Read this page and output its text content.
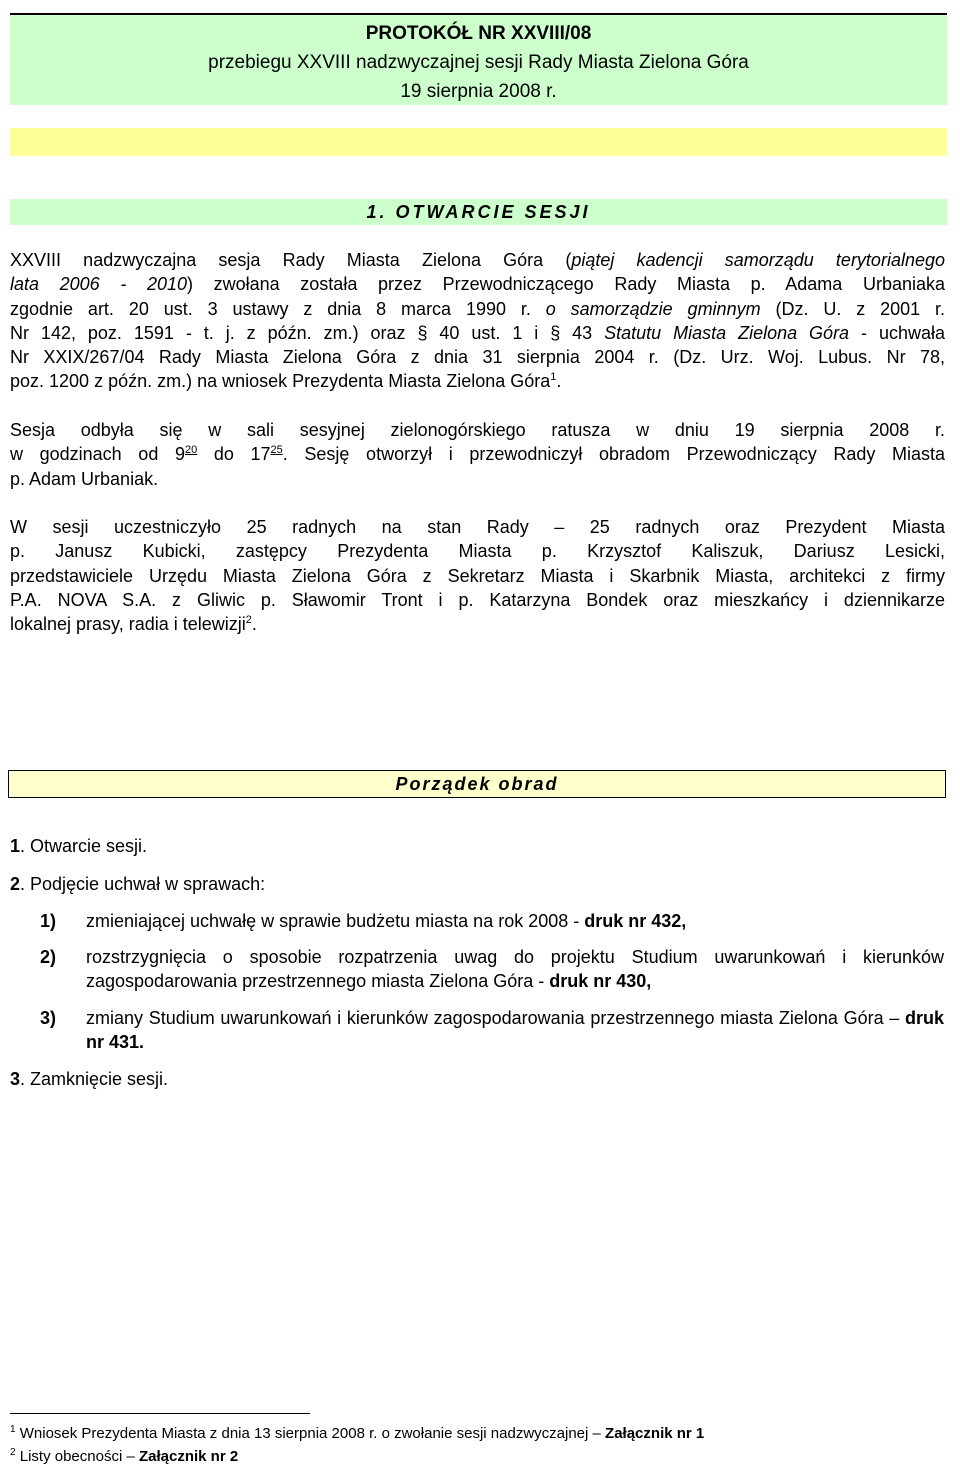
PROTOKÓŁ NR XXVIII/08
przebiegu XXVIII nadzwyczajnej sesji Rady Miasta Zielona Góra
19 sierpnia 2008 r.
1. OTWARCIE SESJI
XXVIII nadzwyczajna sesja Rady Miasta Zielona Góra (piątej kadencji samorządu terytorialnego
lata 2006 - 2010) zwołana została przez Przewodniczącego Rady Miasta p. Adama Urbaniaka
zgodnie art. 20 ust. 3 ustawy z dnia 8 marca 1990 r. o samorządzie gminnym (Dz. U. z 2001 r.
Nr 142, poz. 1591 - t. j. z późn. zm.) oraz § 40 ust. 1 i § 43 Statutu Miasta Zielona Góra - uchwała
Nr XXIX/267/04 Rady Miasta Zielona Góra z dnia 31 sierpnia 2004 r. (Dz. Urz. Woj. Lubus. Nr 78,
poz. 1200 z późn. zm.) na wniosek Prezydenta Miasta Zielona Góra$^1$.
Sesja odbyła się w sali sesyjnej zielonogórskiego ratusza w dniu 19 sierpnia 2008 r.
w godzinach od $9^{20}$ do $17^{25}$. Sesję otworzył i przewodniczył obradom Przewodniczący Rady Miasta
p. Adam Urbaniak.
W sesji uczestniczyło 25 radnych na stan Rady – 25 radnych oraz Prezydent Miasta
p. Janusz Kubicki, zastępcy Prezydenta Miasta p. Krzysztof Kaliszuk, Dariusz Lesicki,
przedstawiciele Urzędu Miasta Zielona Góra z Sekretarz Miasta i Skarbnik Miasta, architekci z firmy
P.A. NOVA S.A. z Gliwic p. Sławomir Tront i p. Katarzyna Bondek oraz mieszkańcy i dziennikarze
lokalnej prasy, radia i telewizji$^2$.
Porządek obrad
1. Otwarcie sesji.
2. Podjęcie uchwał w sprawach:
1) zmieniającej uchwałę w sprawie budżetu miasta na rok 2008 - druk nr 432,
2) rozstrzygnięcia o sposobie rozpatrzenia uwag do projektu Studium uwarunkowań i kierunków zagospodarowania przestrzennego miasta Zielona Góra - druk nr 430,
3) zmiany Studium uwarunkowań i kierunków zagospodarowania przestrzennego miasta Zielona Góra – druk nr 431.
3. Zamknięcie sesji.
$^1$ Wniosek Prezydenta Miasta z dnia 13 sierpnia 2008 r. o zwołanie sesji nadzwyczajnej – Załącznik nr 1
$^2$ Listy obecności – Załącznik nr 2
